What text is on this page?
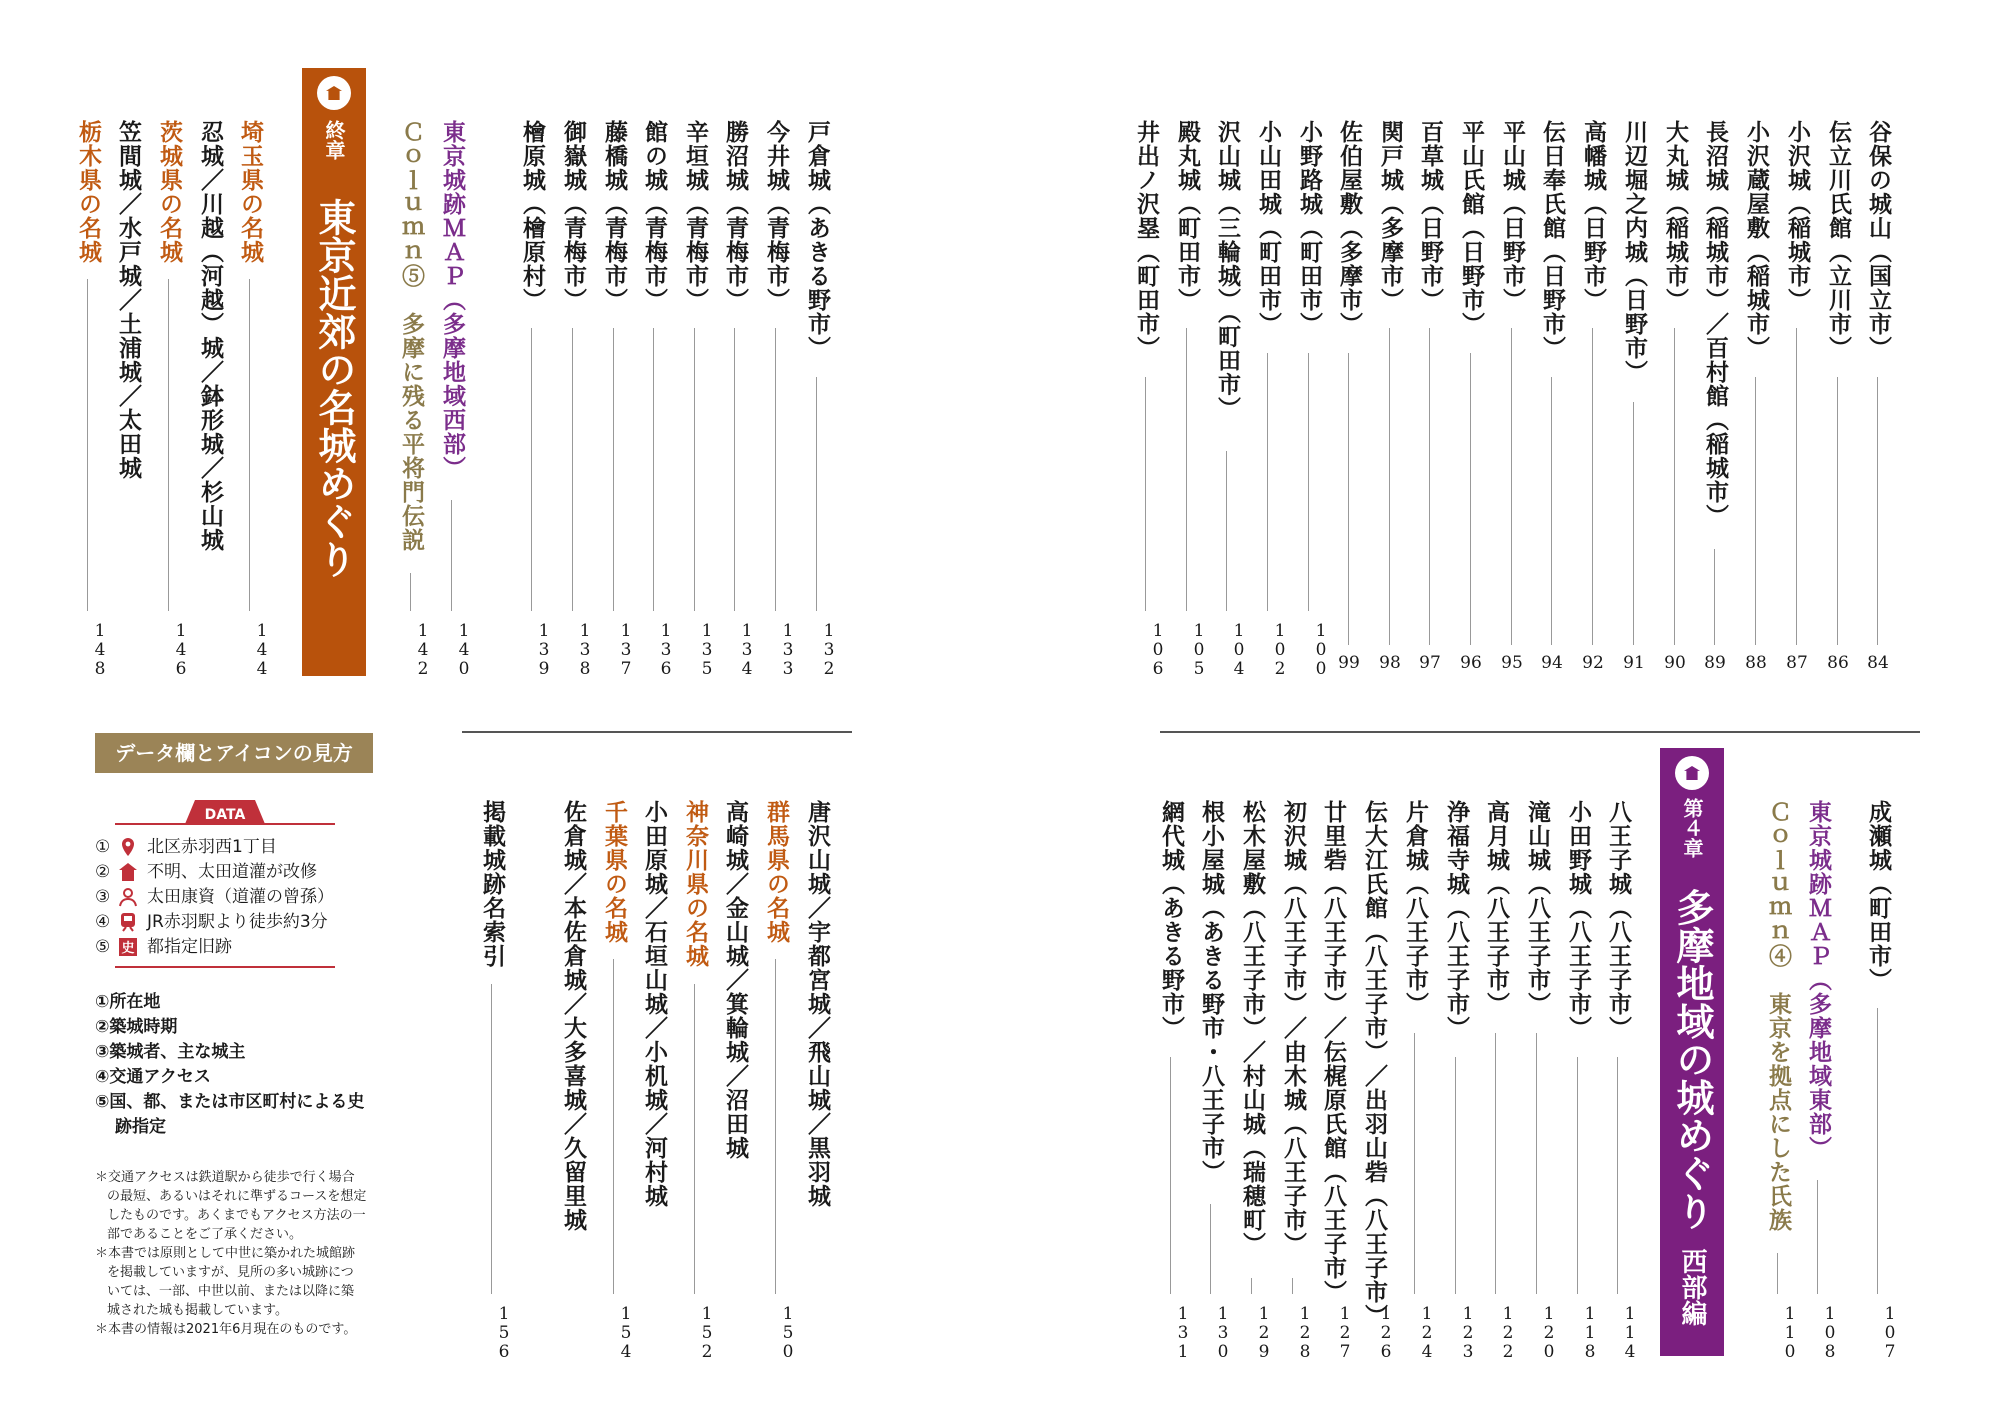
谷保の城山（国立市）
84
伝立川氏館（立川市）
86
小沢城（稲城市）
87
小沢蔵屋敷（稲城市）
88
長沼城（稲城市）／百村館（稲城市）
89
大丸城（稲城市）
90
川辺堀之内城（日野市）
91
高幡城（日野市）
92
伝日奉氏館（日野市）
94
平山城（日野市）
95
平山氏館（日野市）
96
百草城（日野市）
97
関戸城（多摩市）
98
佐伯屋敷（多摩市）
99
小野路城（町田市）
100
小山田城（町田市）
102
沢山城（三輪城）（町田市）
104
殿丸城（町田市）
105
井出ノ沢塁（町田市）
106
成瀬城（町田市）
107
東京城跡ＭＡＰ（多摩地域東部）
108
Ｃｏｌｕｍｎ④　東京を拠点にした氏族
110
八王子城（八王子市）
114
小田野城（八王子市）
118
滝山城（八王子市）
120
高月城（八王子市）
122
浄福寺城（八王子市）
123
片倉城（八王子市）
124
伝大江氏館（八王子市）／出羽山砦（八王子市）
126
廿里砦（八王子市）／伝梶原氏館（八王子市）
127
初沢城（八王子市）／由木城（八王子市）
128
松木屋敷（八王子市）／村山城（瑞穂町）
129
根小屋城（あきる野市・八王子市）
130
網代城（あきる野市）
131
戸倉城（あきる野市）
132
今井城（青梅市）
133
勝沼城（青梅市）
134
辛垣城（青梅市）
135
館の城（青梅市）
136
藤橋城（青梅市）
137
御嶽城（青梅市）
138
檜原城（檜原村）
139
東京城跡ＭＡＰ（多摩地域西部）
140
Ｃｏｌｕｍｎ⑤　多摩に残る平将門伝説
142
埼玉県の名城
144
忍城／川越（河越）城／鉢形城／杉山城
茨城県の名城
146
笠間城／水戸城／土浦城／太田城
栃木県の名城
148
唐沢山城／宇都宮城／飛山城／黒羽城
群馬県の名城
150
高崎城／金山城／箕輪城／沼田城
神奈川県の名城
152
小田原城／石垣山城／小机城／河村城
千葉県の名城
154
佐倉城／本佐倉城／大多喜城／久留里城
掲載城跡名索引
156
第４章
多摩地域の城めぐり
西部編
終章
東京近郊の名城めぐり
データ欄とアイコンの見方
DATA
① 北区赤羽西1丁目
② 不明、太田道灌が改修
③ 太田康資（道灌の曾孫）
④ JR赤羽駅より徒歩約3分
⑤ 史 都指定旧跡
①所在地
②築城時期
③築城者、主な城主
④交通アクセス
⑤国、都、または市区町村による史
跡指定
＊交通アクセスは鉄道駅から徒歩で行く場合
の最短、あるいはそれに準ずるコースを想定
したものです。あくまでもアクセス方法の一
部であることをご了承ください。
＊本書では原則として中世に築かれた城館跡
を掲載していますが、見所の多い城跡につ
いては、一部、中世以前、または以降に築
城された城も掲載しています。
＊本書の情報は2021年6月現在のものです。
